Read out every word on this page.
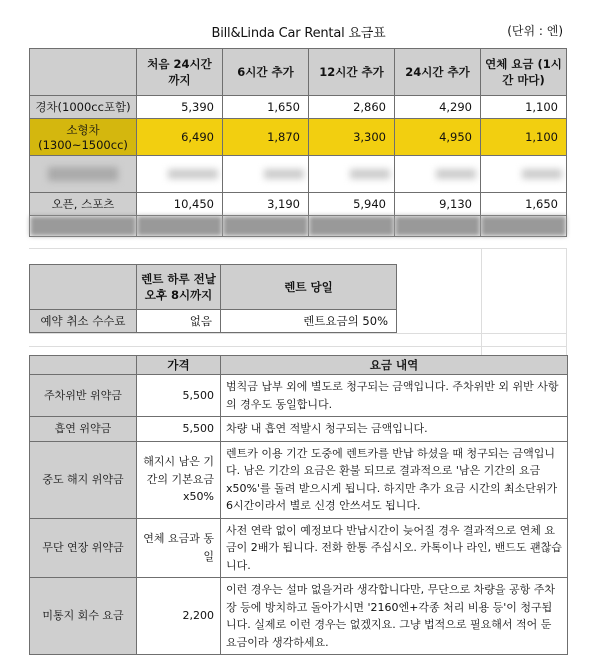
Bill&Linda Car Rental 요금표	(단위 : 엔)
	처음 24시간 까지	6시간 추가	12시간 추가	24시간 추가	연체 요금 (1시간 마다)
경차(1000cc포함)	5,390	1,650	2,860	4,290	1,100
소형차 (1300~1500cc)	6,490	1,870	3,300	4,950	1,100

오픈, 스포츠	10,450	3,190	5,940	9,130	1,650

	렌트 하루 전날 오후 8시까지	렌트 당일
예약 취소 수수료	없음	렌트요금의 50%
	가격	요금 내역
주차위반 위약금	5,500	범칙금 납부 외에 별도로 청구되는 금액입니다. 주차위반 외 위반 사항의 경우도 동일합니다.
흡연 위약금	5,500	차량 내 흡연 적발시 청구되는 금액입니다.
중도 해지 위약금	해지시 남은 기간의 기본요금 x50%	렌트카 이용 기간 도중에 렌트카를 반납 하셨을 때 청구되는 금액입니다. 남은 기간의 요금은 환불 되므로 결과적으로 '남은 기간의 요금x50%'를 돌려 받으시게 됩니다. 하지만 추가 요금 시간의 최소단위가 6시간이라서 별로 신경 안쓰셔도 됩니다.
무단 연장 위약금	연체 요금과 동일	사전 연락 없이 예정보다 반납시간이 늦어질 경우 결과적으로 연체 요금이 2배가 됩니다. 전화 한통 주십시오. 카톡이나 라인, 밴드도 괜찮습니다.
미통지 회수 요금	2,200	이런 경우는 설마 없을거라 생각합니다만, 무단으로 차량을 공항 주차장 등에 방치하고 돌아가시면 '2160엔+각종 처리 비용 등'이 청구됩니다. 실제로 이런 경우는 없겠지요. 그냥 법적으로 필요해서 적어 둔 요금이라 생각하세요.
